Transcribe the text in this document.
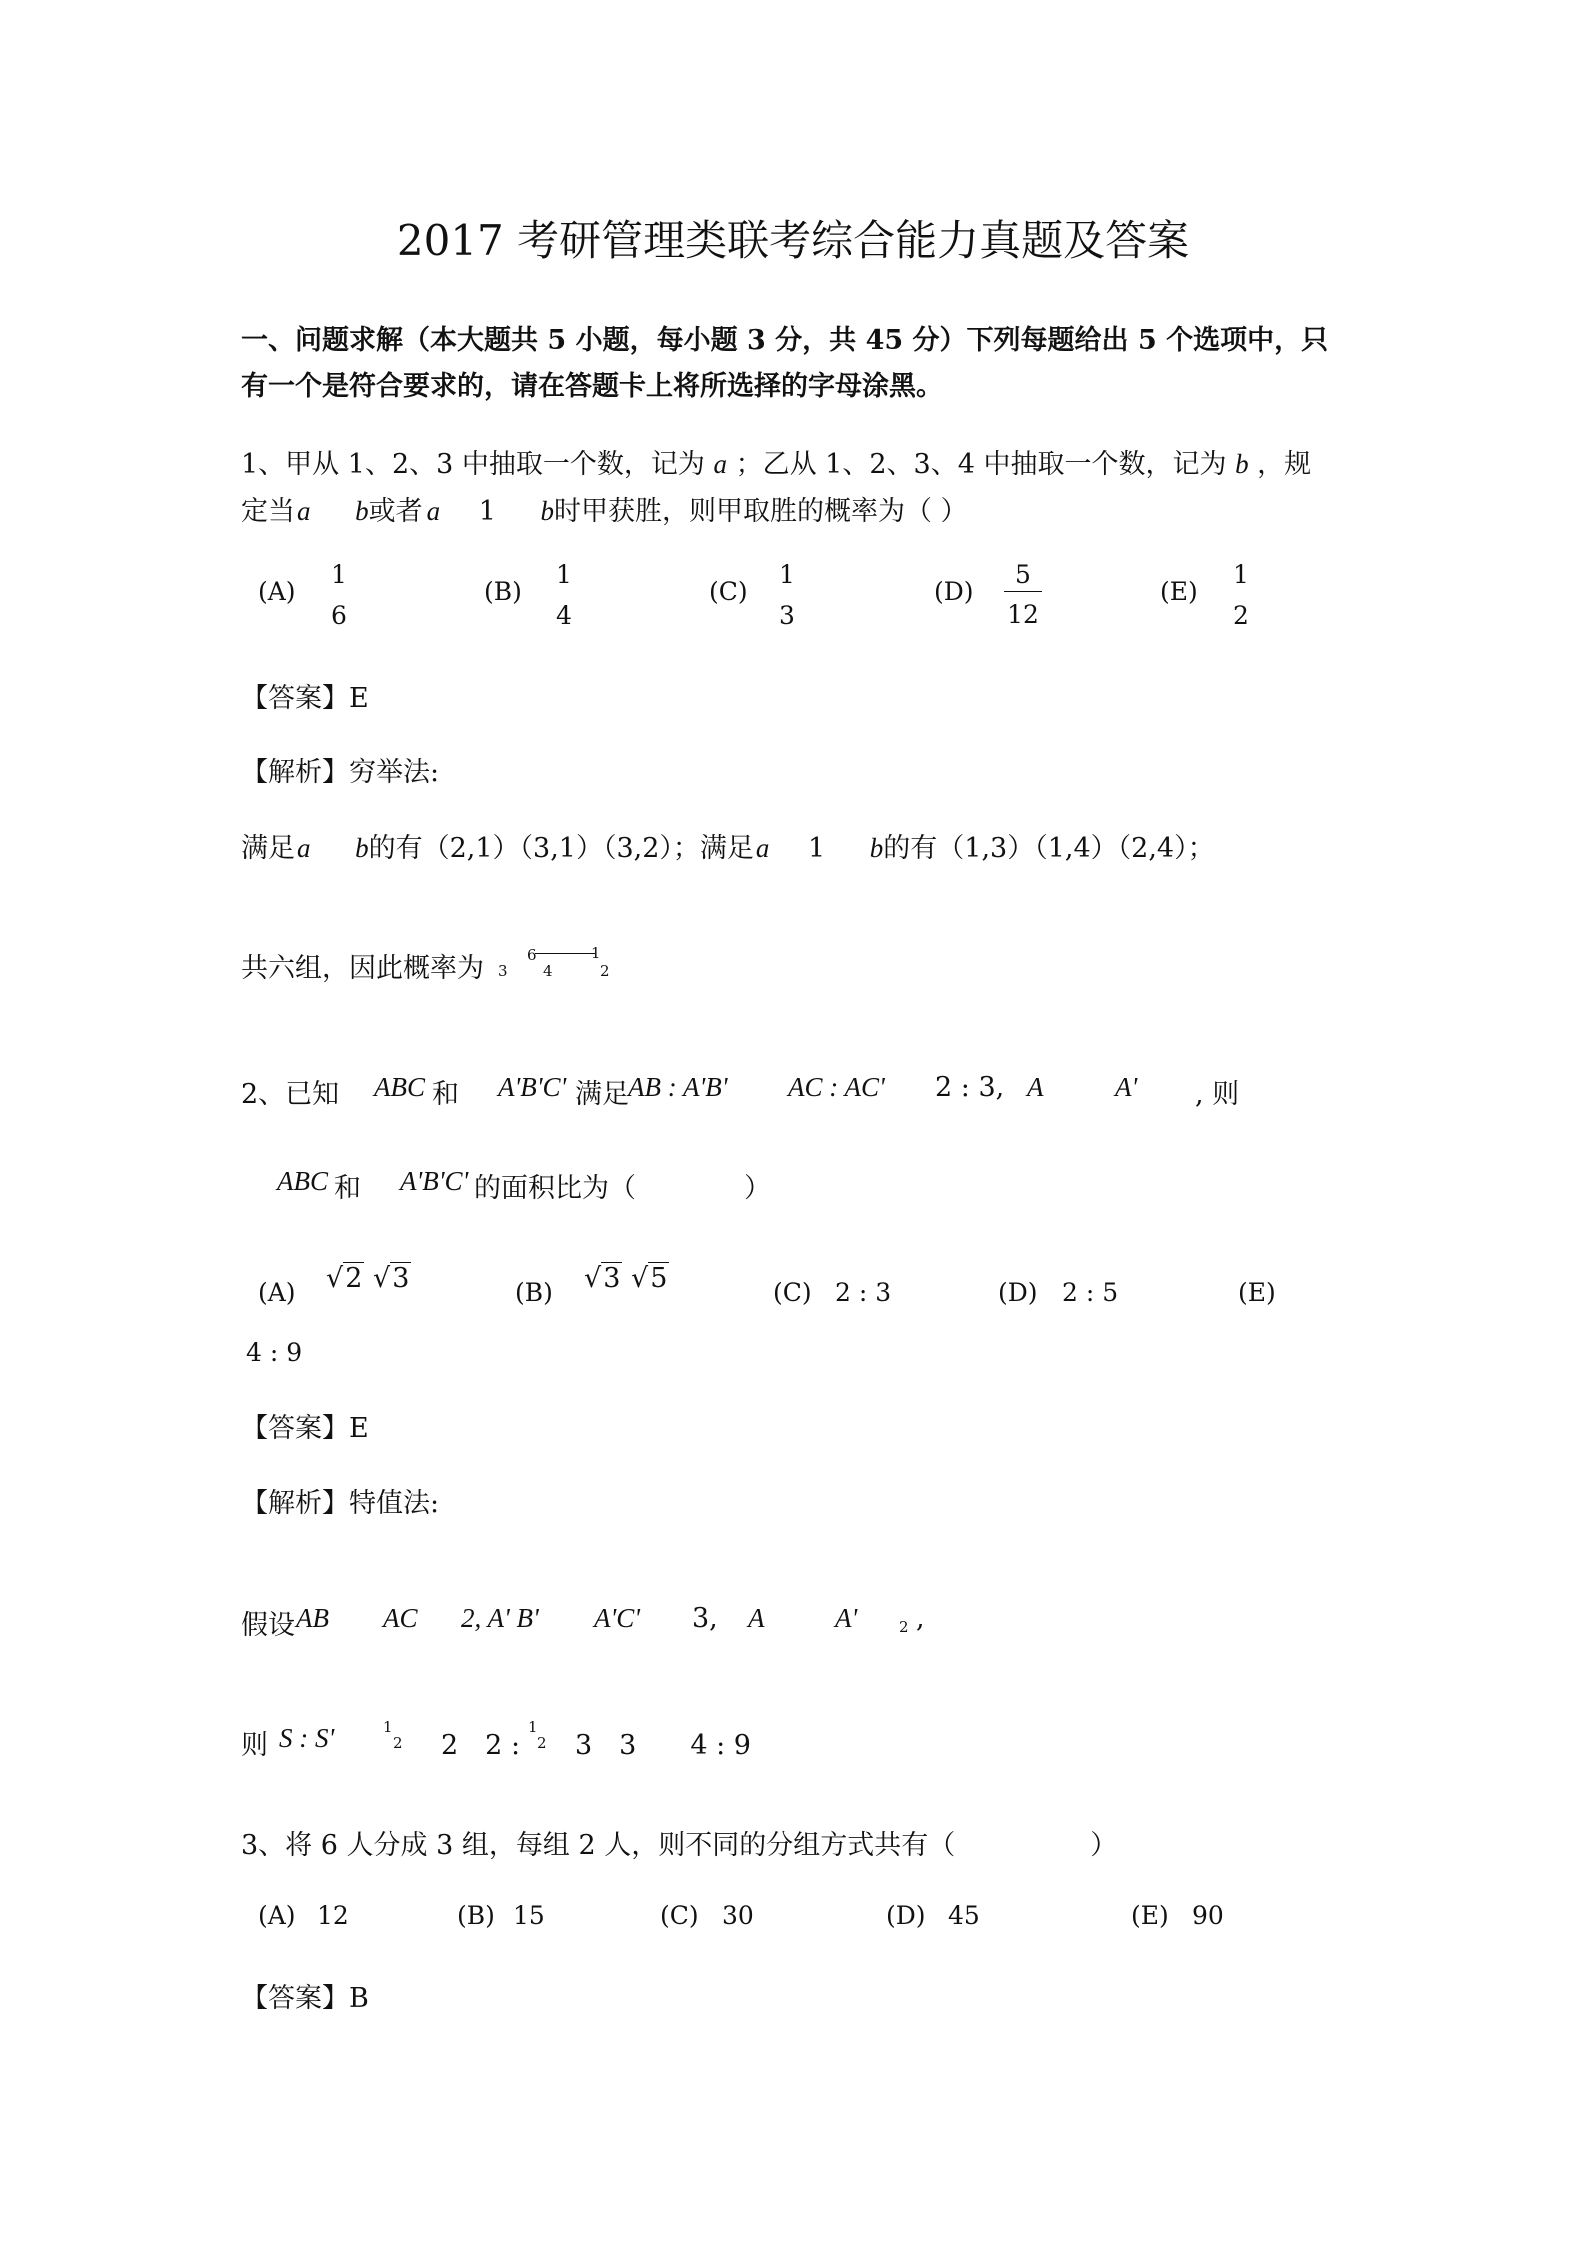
2017 考研管理类联考综合能力真题及答案
一、问题求解（本大题共 5 小题，每小题 3 分，共 45 分）下列每题给出 5 个选项中，只
有一个是符合要求的，请在答题卡上将所选择的字母涂黑。
1、甲从 1、2、3 中抽取一个数，记为 a ；乙从 1、2、3、4 中抽取一个数，记为 b ，规
定当a b或者 a 1 b时甲获胜，则甲取胜的概率为（ ）
(A)
1
6
(B)
1
4
(C)
1
3
(D)
5
12
(E)
1
2
【答案】E
【解析】穷举法:
满足a b的有（2,1）（3,1）（3,2）；满足a 1 b的有（1,3）（1,4）（2,4）；
共六组，因此概率为 3
6
4
1
2
2、已知 ABC 和 A'B'C' 满足 AB : A'B' AC : AC' 2 : 3, A	A' , 则
ABC 和 A'B'C' 的面积比为（　　　　）
(A) √2 √3	(B) √3 √5	(C) 2 : 3	(D) 2 : 5	(E)
4 : 9
【答案】E
【解析】特值法:
假设 AB AC 2, A' B' A'C' 3, A	A'	2 ,
则 S : S'	1
2 2　2 :
1
2 3　3　　4 : 9
3、将 6 人分成 3 组，每组 2 人，则不同的分组方式共有（　　　　　）
(A) 12	(B) 15	(C) 30	(D) 45	(E) 90
【答案】B
